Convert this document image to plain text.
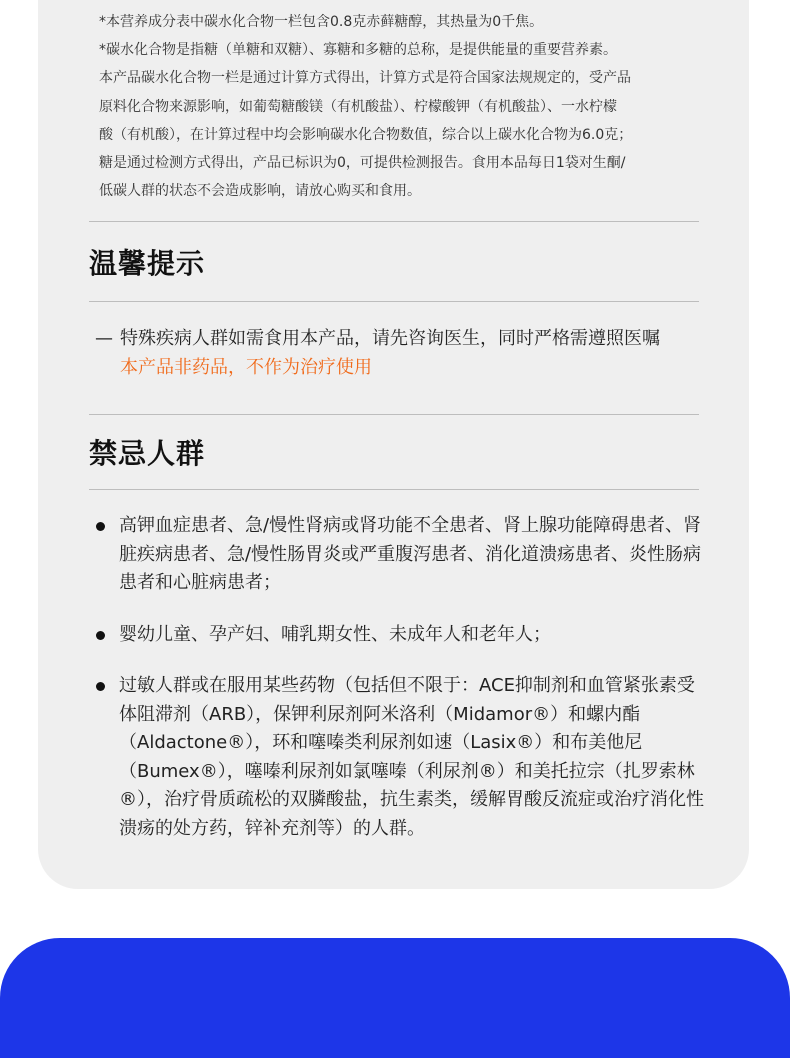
*本营养成分表中碳水化合物一栏包含0.8克赤藓糖醇，其热量为0千焦。

*碳水化合物是指糖（单糖和双糖）、寡糖和多糖的总称，是提供能量的重要营养素。

本产品碳水化合物一栏是通过计算方式得出，计算方式是符合国家法规规定的，受产品

原料化合物来源影响，如葡萄糖酸镁（有机酸盐）、柠檬酸钾（有机酸盐）、一水柠檬

酸（有机酸），在计算过程中均会影响碳水化合物数值，综合以上碳水化合物为6.0克；

糖是通过检测方式得出，产品已标识为0，可提供检测报告。食用本品每日1袋对生酮/

低碳人群的状态不会造成影响，请放心购买和食用。

温馨提示
— 特殊疾病人群如需食用本产品，请先咨询医生，同时严格需遵照医嘱
本产品非药品，不作为治疗使用
禁忌人群
高钾血症患者、急/慢性肾病或肾功能不全患者、肾上腺功能障碍患者、肾脏疾病患者、急/慢性肠胃炎或严重腹泻患者、消化道溃疡患者、炎性肠病患者和心脏病患者；
婴幼儿童、孕产妇、哺乳期女性、未成年人和老年人；
过敏人群或在服用某些药物（包括但不限于：ACE抑制剂和血管紧张素受体阻滞剂（ARB），保钾利尿剂阿米洛利（Midamor®）和螺内酯（Aldactone®），环和噻嗪类利尿剂如速（Lasix®）和布美他尼（Bumex®），噻嗪利尿剂如氯噻嗪（利尿剂®）和美托拉宗（扎罗索林®），治疗骨质疏松的双膦酸盐，抗生素类，缓解胃酸反流症或治疗消化性溃疡的处方药，锌补充剂等）的人群。
